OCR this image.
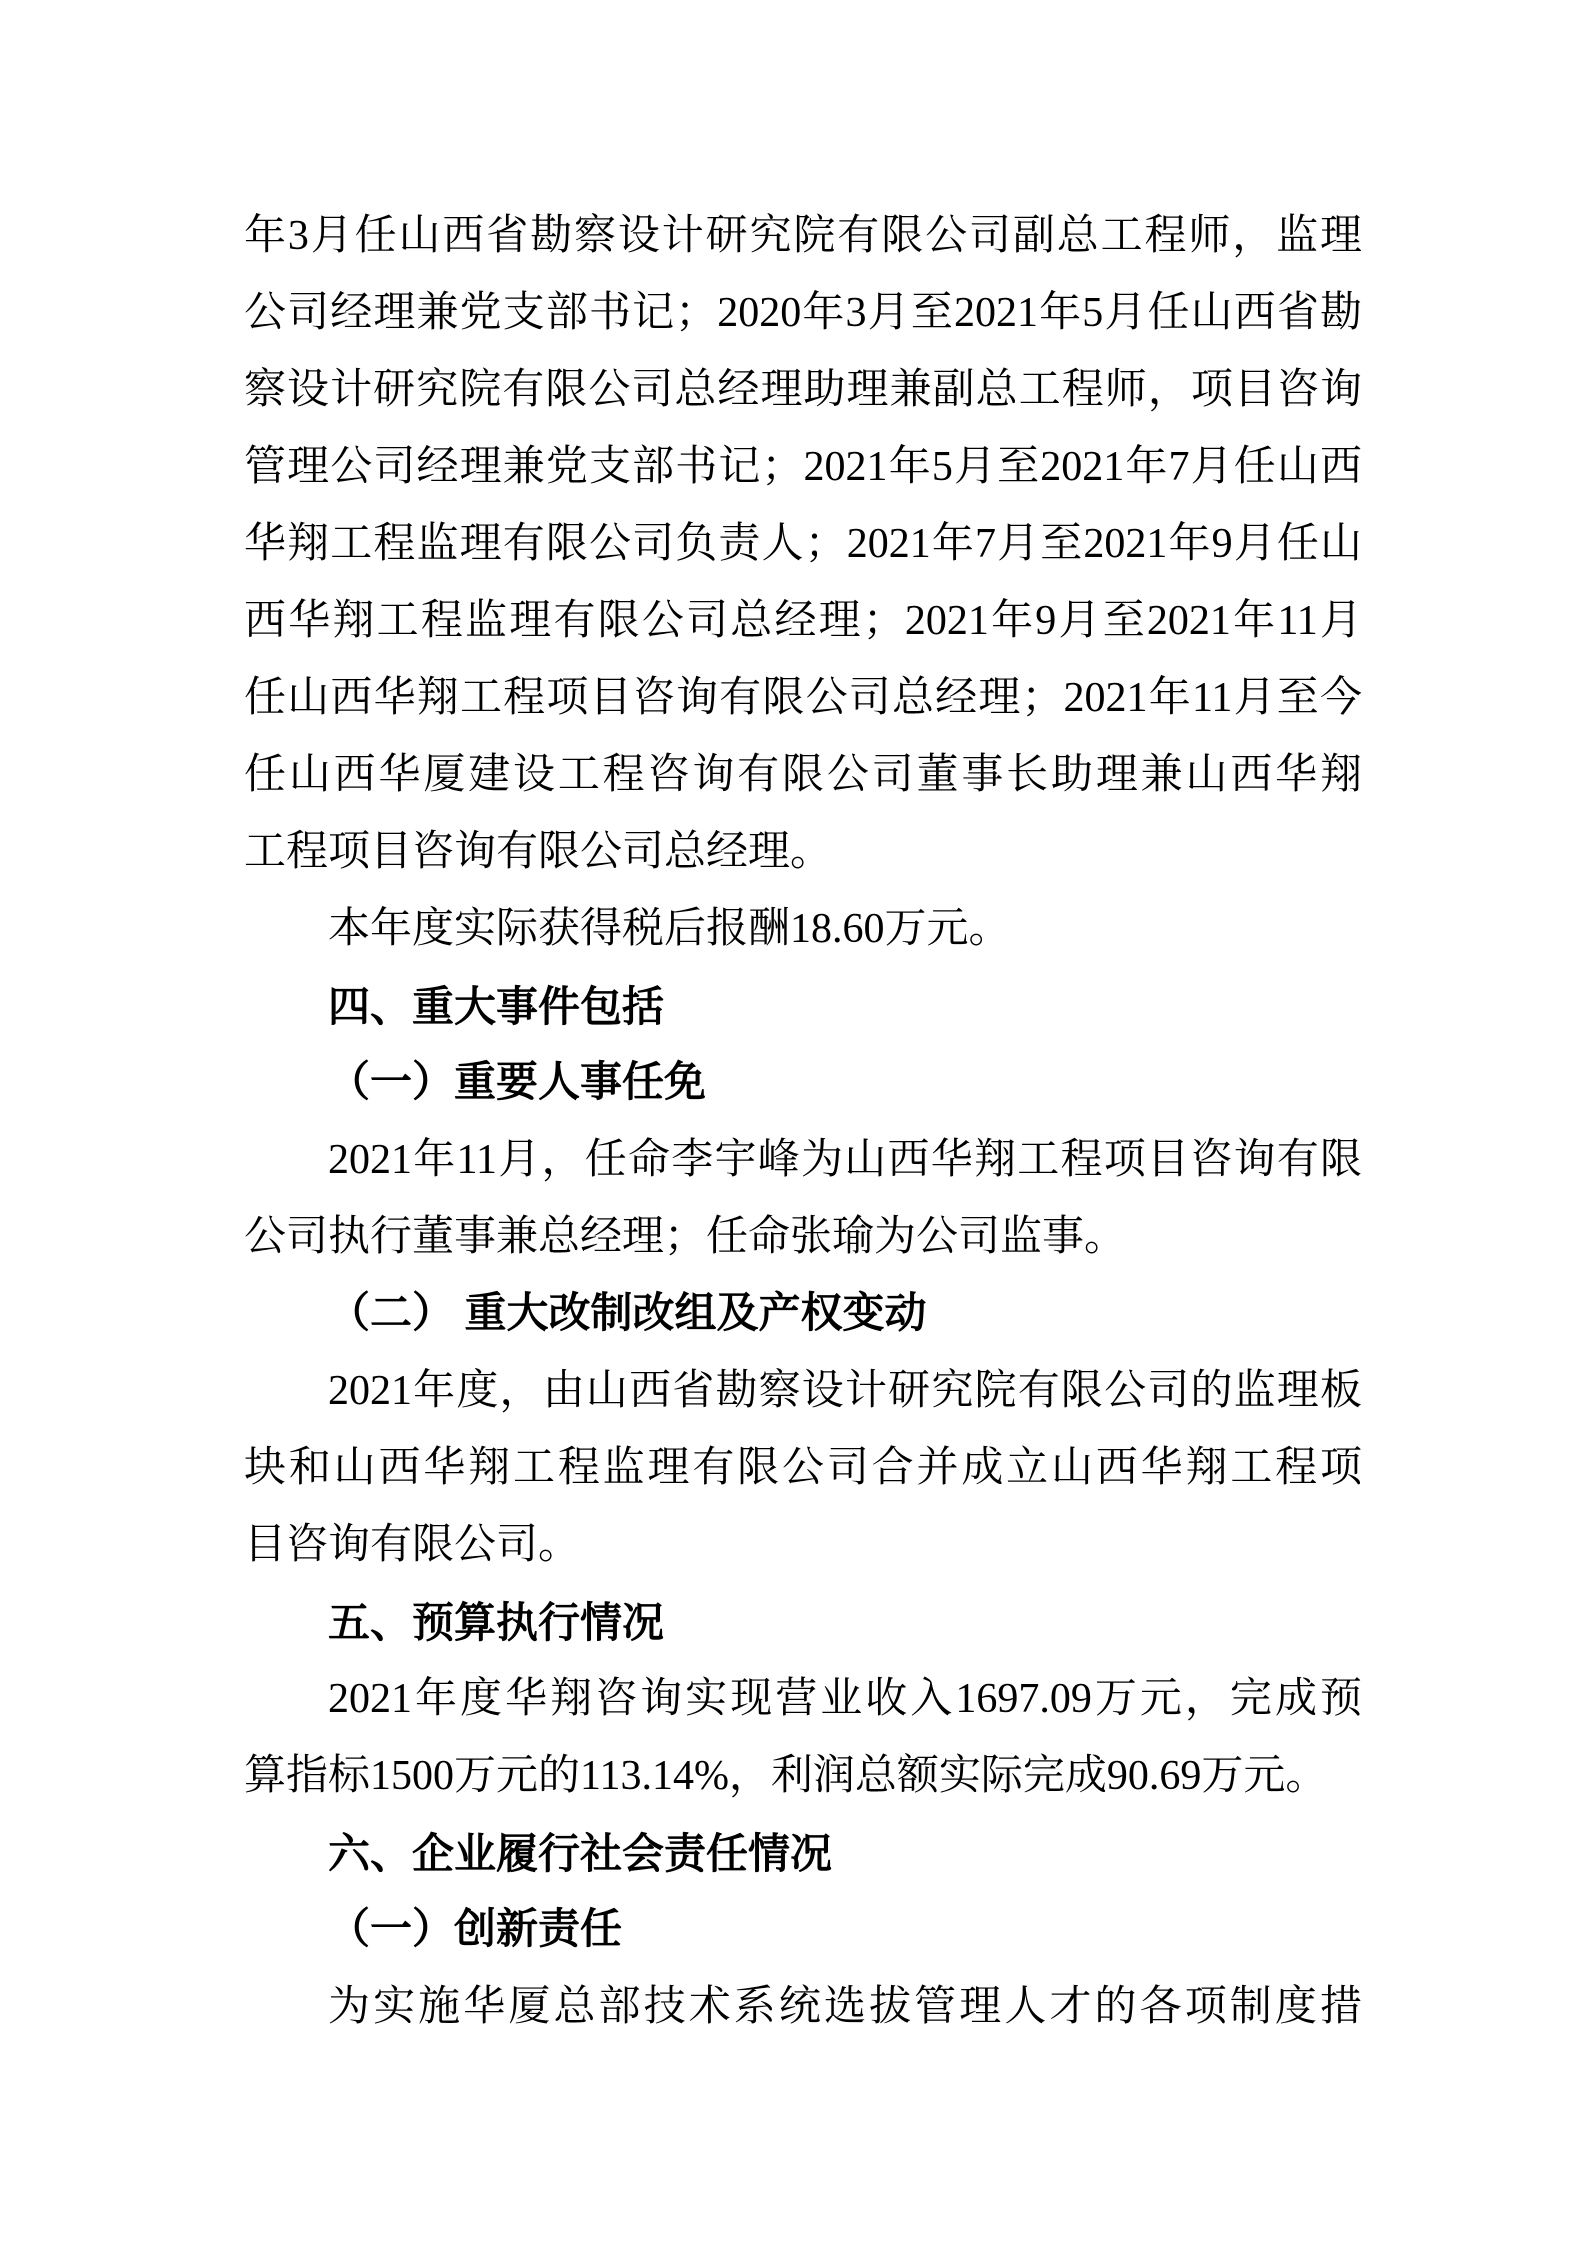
年3月任山西省勘察设计研究院有限公司副总工程师，监理
公司经理兼党支部书记；2020年3月至2021年5月任山西省勘
察设计研究院有限公司总经理助理兼副总工程师，项目咨询
管理公司经理兼党支部书记；2021年5月至2021年7月任山西
华翔工程监理有限公司负责人；2021年7月至2021年9月任山
西华翔工程监理有限公司总经理；2021年9月至2021年11月
任山西华翔工程项目咨询有限公司总经理；2021年11月至今
任山西华厦建设工程咨询有限公司董事长助理兼山西华翔
工程项目咨询有限公司总经理。
本年度实际获得税后报酬18.60万元。
四、重大事件包括
（一）重要人事任免
2021年11月，任命李宇峰为山西华翔工程项目咨询有限
公司执行董事兼总经理；任命张瑜为公司监事。
（二） 重大改制改组及产权变动
2021年度，由山西省勘察设计研究院有限公司的监理板
块和山西华翔工程监理有限公司合并成立山西华翔工程项
目咨询有限公司。
五、预算执行情况
2021年度华翔咨询实现营业收入1697.09万元，完成预
算指标1500万元的113.14%，利润总额实际完成90.69万元。
六、企业履行社会责任情况
（一）创新责任
为实施华厦总部技术系统选拔管理人才的各项制度措
